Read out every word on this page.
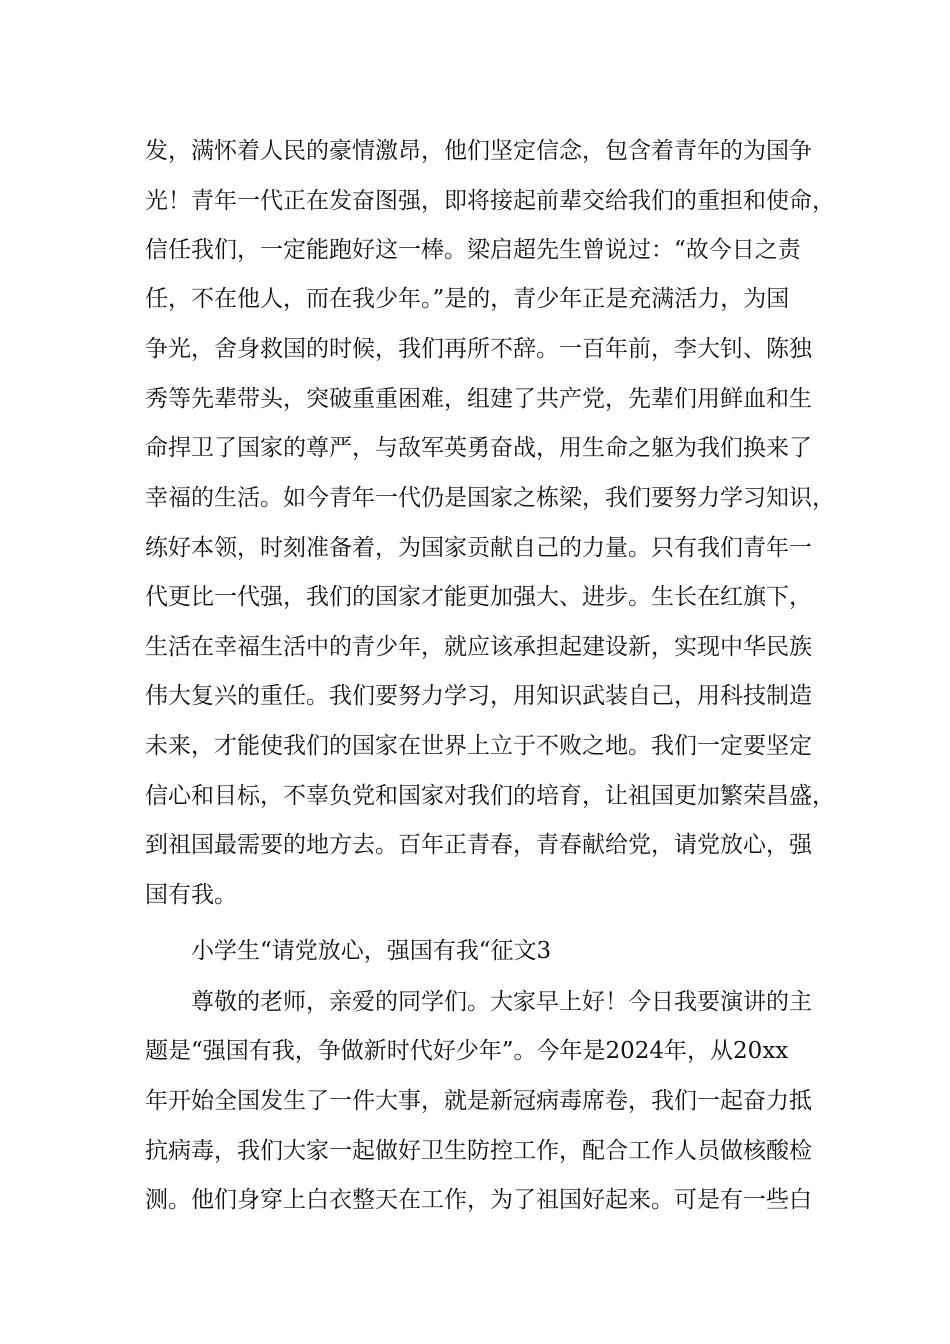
发，满怀着人民的豪情激昂，他们坚定信念，包含着青年的为国争
光！青年一代正在发奋图强，即将接起前辈交给我们的重担和使命，
信任我们，一定能跑好这一棒。梁启超先生曾说过：“故今日之责
任，不在他人，而在我少年。”是的，青少年正是充满活力，为国
争光，舍身救国的时候，我们再所不辞。一百年前，李大钊、陈独
秀等先辈带头，突破重重困难，组建了共产党，先辈们用鲜血和生
命捍卫了国家的尊严，与敌军英勇奋战，用生命之躯为我们换来了
幸福的生活。如今青年一代仍是国家之栋梁，我们要努力学习知识，
练好本领，时刻准备着，为国家贡献自己的力量。只有我们青年一
代更比一代强，我们的国家才能更加强大、进步。生长在红旗下，
生活在幸福生活中的青少年，就应该承担起建设新，实现中华民族
伟大复兴的重任。我们要努力学习，用知识武装自己，用科技制造
未来，才能使我们的国家在世界上立于不败之地。我们一定要坚定
信心和目标，不辜负党和国家对我们的培育，让祖国更加繁荣昌盛，
到祖国最需要的地方去。百年正青春，青春献给党，请党放心，强
国有我。
小学生“请党放心，强国有我“征文3
尊敬的老师，亲爱的同学们。大家早上好！今日我要演讲的主
题是“强国有我，争做新时代好少年”。今年是2024年，从20xx
年开始全国发生了一件大事，就是新冠病毒席卷，我们一起奋力抵
抗病毒，我们大家一起做好卫生防控工作，配合工作人员做核酸检
测。他们身穿上白衣整天在工作，为了祖国好起来。可是有一些白
